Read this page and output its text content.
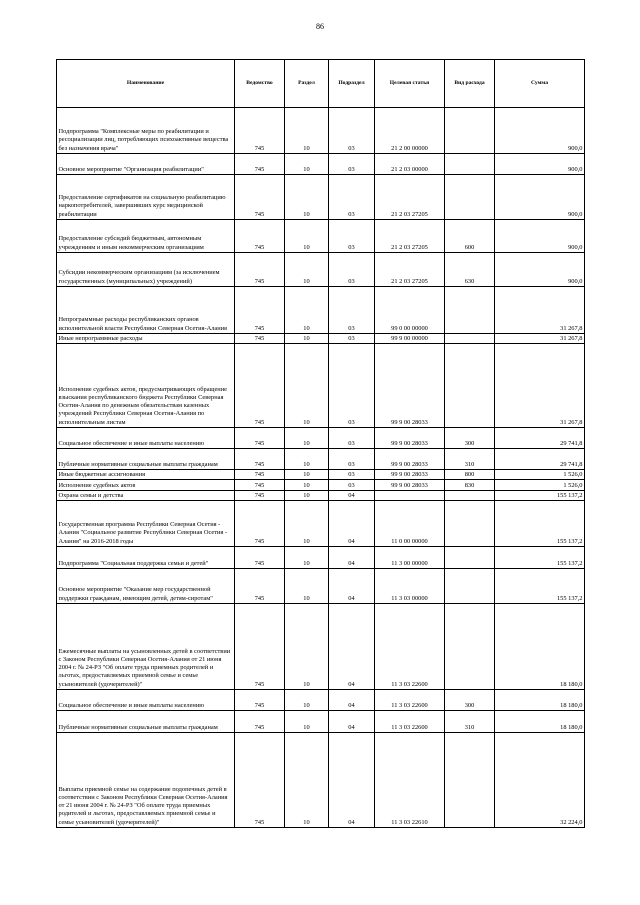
86
Наименование	Ведомство	Раздел	Подраздел	Целевая статья	Вид расхода	Сумма
Подпрограмма "Комплексные меры по реабилитации и ресоциализации лиц, потребляющих психоактивные вещества без назначения врача"	745	10	03	21 2 00 00000		900,0
Основное мероприятие "Организация реабилитации"	745	10	03	21 2 03 00000		900,0
Предоставление сертификатов на социальную реабилитацию наркопотребителей, завершивших курс медицинской реабилитации	745	10	03	21 2 03 27205		900,0
Предоставление субсидий бюджетным, автономным учреждениям и иным некоммерческим организациям	745	10	03	21 2 03 27205	600	900,0
Субсидии некоммерческим организациям (за исключением государственных (муниципальных) учреждений)	745	10	03	21 2 03 27205	630	900,0
Непрограммные расходы республиканских органов исполнительной власти Республики Северная Осетия-Алания	745	10	03	99 0 00 00000		31 267,8
Иные непрограммные расходы	745	10	03	99 9 00 00000		31 267,8
Исполнение судебных актов, предусматривающих обращение взыскания республиканского бюджета Республики Северная Осетия-Алания по денежным обязательствам казенных учреждений Республики Северная Осетия-Алания по исполнительным листам	745	10	03	99 9 00 28033		31 267,8
Социальное обеспечение и иные выплаты населению	745	10	03	99 9 00 28033	300	29 741,8
Публичные нормативные социальные выплаты гражданам	745	10	03	99 9 00 28033	310	29 741,8
Иные бюджетные ассигнования	745	10	03	99 9 00 28033	800	1 526,0
Исполнение судебных актов	745	10	03	99 9 00 28033	830	1 526,0
Охрана семьи и детства	745	10	04			155 137,2
Государственная программа Республики Северная Осетия - Алания "Социальное развитие Республики Северная Осетия - Алания" на 2016-2018 годы	745	10	04	11 0 00 00000		155 137,2
Подпрограмма "Социальная поддержка семьи и детей"	745	10	04	11 3 00 00000		155 137,2
Основное мероприятие "Оказание мер государственной поддержки гражданам, имеющим детей, детям-сиротам"	745	10	04	11 3 03 00000		155 137,2
Ежемесячные выплаты на усыновленных детей в соответствии с Законом Республики Северная Осетия-Алания от 21 июня 2004 г. № 24-РЗ "Об оплате труда приемных родителей и льготах, предоставляемых приемной семье и семье усыновителей (удочерителей)"	745	10	04	11 3 03 22600		18 180,0
Социальное обеспечение и иные выплаты населению	745	10	04	11 3 03 22600	300	18 180,0
Публичные нормативные социальные выплаты гражданам	745	10	04	11 3 03 22600	310	18 180,0
Выплаты приемной семье на содержание подопечных детей в соответствии с Законом Республики Северная Осетия-Алания от 21 июня 2004 г. № 24-РЗ "Об оплате труда приемных родителей и льготах, предоставляемых приемной семье и семье усыновителей (удочерителей)"	745	10	04	11 3 03 22610		32 224,0
